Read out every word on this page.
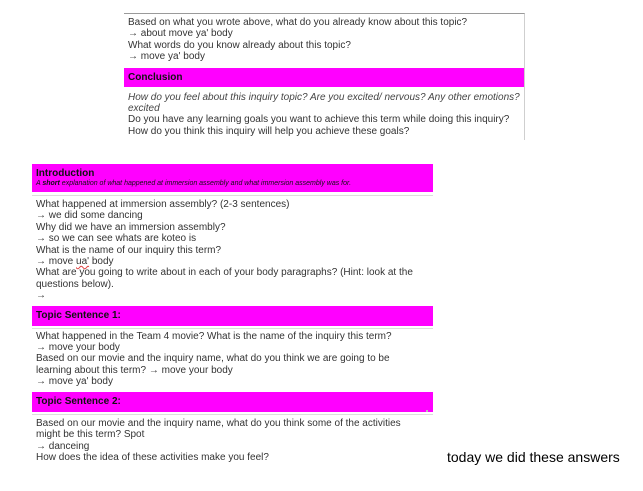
Based on what you wrote above, what do you already know about this topic?
→ about move ya' body
What words do you know already about this topic?
→ move ya' body
Conclusion
How do you feel about this inquiry topic? Are you excited/ nervous? Any other emotions?
excited
Do you have any learning goals you want to achieve this term while doing this inquiry?
How do you think this inquiry will help you achieve these goals?
Introduction
A short explanation of what happened at immersion assembly and what immersion assembly was for.
What happened at immersion assembly? (2-3 sentences)
→ we did some dancing
Why did we have an immersion assembly?
→ so we can see whats are koteo is
What is the name of our inquiry this term?
→ move ua' body
What are you going to write about in each of your body paragraphs? (Hint: look at the
questions below).
→
Topic Sentence 1:
What happened in the Team 4 movie? What is the name of the inquiry this term?
→ move your body
Based on our movie and the inquiry name, what do you think we are going to be
learning about this term? → move your body
→ move ya' body
Topic Sentence 2:
Based on our movie and the inquiry name, what do you think some of the activities
might be this term? Spot
→ danceing
How does the idea of these activities make you feel?	today we did these answers
